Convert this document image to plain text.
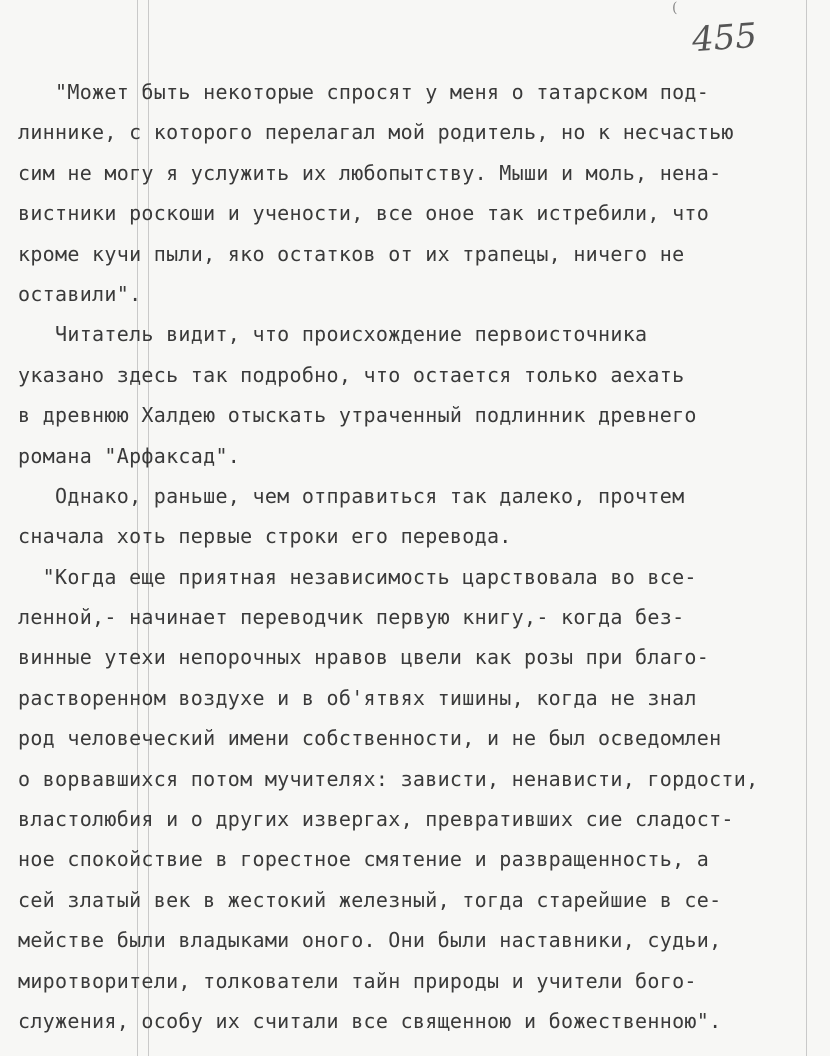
(
455
"Может быть некоторые спросят у меня о татарском под-
линнике, с которого перелагал мой родитель, но к несчастью
сим не могу я услужить их любопытству. Мыши и моль, нена-
вистники роскоши и учености, все оное так истребили, что
кроме кучи пыли, яко остатков от их трапецы, ничего не
оставили".
Читатель видит, что происхождение первоисточника
указано здесь так подробно, что остается только аехать
в древнюю Халдею отыскать утраченный подлинник древнего
романа "Арфаксад".
Однако, раньше, чем отправиться так далеко, прочтем
сначала хоть первые строки его перевода.
"Когда еще приятная независимость царствовала во все-
ленной,- начинает переводчик первую книгу,- когда без-
винные утехи непорочных нравов цвели как розы при благо-
растворенном воздухе и в об'ятвях тишины, когда не знал
род человеческий имени собственности, и не был осведомлен
о ворвавшихся потом мучителях: зависти, ненависти, гордости,
властолюбия и о других извергах, превративших сие сладост-
ное спокойствие в горестное смятение и развращенность, а
сей златый век в жестокий железный, тогда старейшие в се-
мействе были владыками оного. Они были наставники, судьи,
миротворители, толкователи тайн природы и учители бого-
служения, особу их считали все священною и божественною".
